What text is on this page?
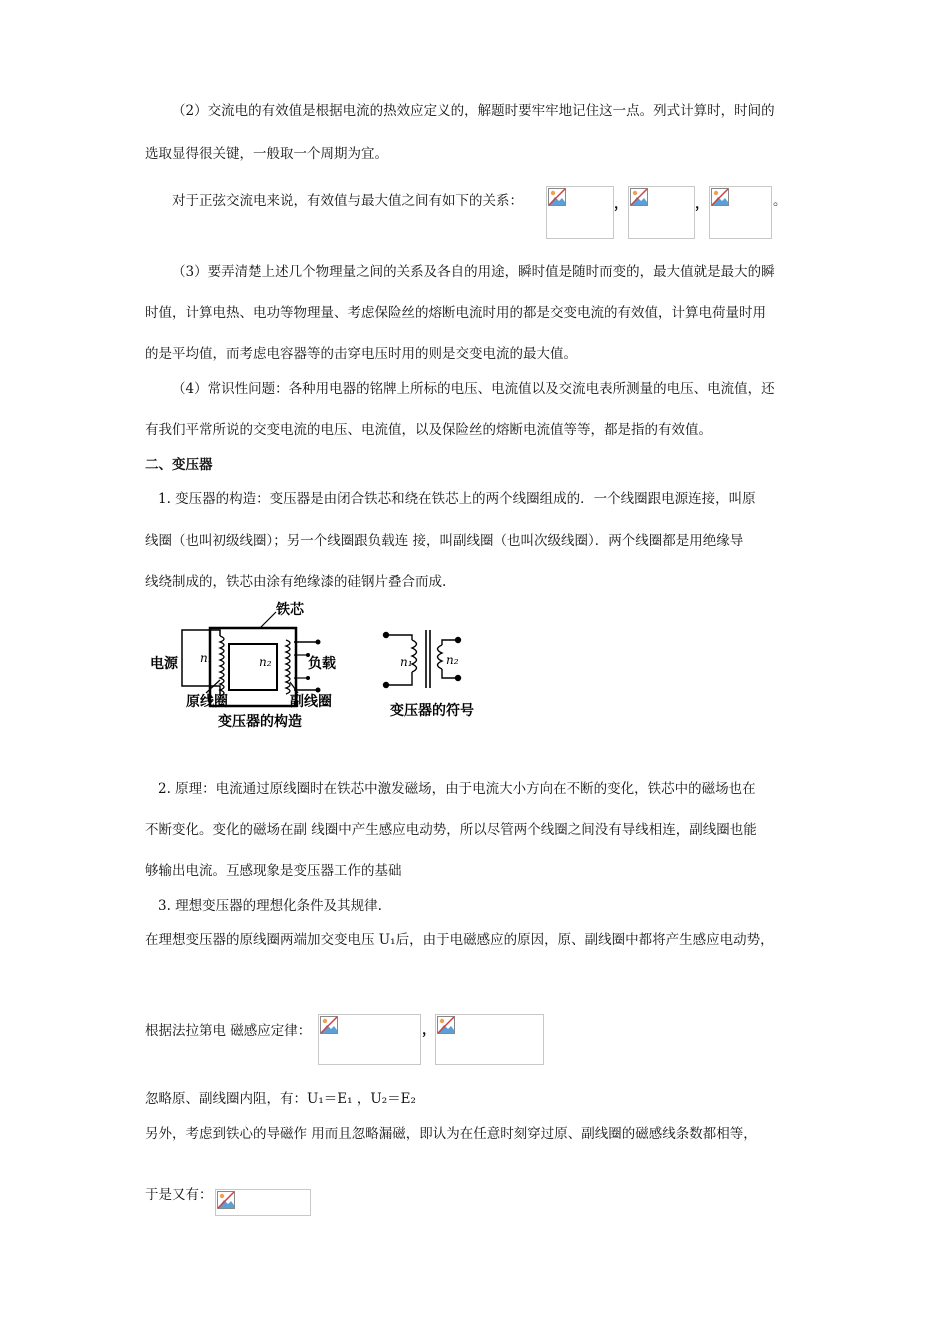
（2）交流电的有效值是根据电流的热效应定义的，解题时要牢牢地记住这一点。列式计算时，时间的
选取显得很关键，一般取一个周期为宜。
对于正弦交流电来说，有效值与最大值之间有如下的关系：	，	，	。
（3）要弄清楚上述几个物理量之间的关系及各自的用途，瞬时值是随时而变的，最大值就是最大的瞬
时值，计算电热、电功等物理量、考虑保险丝的熔断电流时用的都是交变电流的有效值，计算电荷量时用
的是平均值，而考虑电容器等的击穿电压时用的则是交变电流的最大值。
（4）常识性问题：各种用电器的铭牌上所标的电压、电流值以及交流电表所测量的电压、电流值，还
有我们平常所说的交变电流的电压、电流值，以及保险丝的熔断电流值等等，都是指的有效值。
二、变压器
1. 变压器的构造：变压器是由闭合铁芯和绕在铁芯上的两个线圈组成的．一个线圈跟电源连接，叫原
线圈（也叫初级线圈）；另一个线圈跟负载连 接，叫副线圈（也叫次级线圈）．两个线圈都是用绝缘导
线绕制成的，铁芯由涂有绝缘漆的硅钢片叠合而成.
铁芯
电源	负载
n₁	n₂
原线圈	副线圈
变压器的构造
n₁	n₂
变压器的符号
2. 原理：电流通过原线圈时在铁芯中激发磁场，由于电流大小方向在不断的变化，铁芯中的磁场也在
不断变化。变化的磁场在副 线圈中产生感应电动势，所以尽管两个线圈之间没有导线相连，副线圈也能
够输出电流。互感现象是变压器工作的基础
3. 理想变压器的理想化条件及其规律.
在理想变压器的原线圈两端加交变电压 U₁后，由于电磁感应的原因，原、副线圈中都将产生感应电动势，
根据法拉第电 磁感应定律：	，
忽略原、副线圈内阻，有：U₁＝E₁ ，U₂＝E₂
另外，考虑到铁心的导磁作 用而且忽略漏磁，即认为在任意时刻穿过原、副线圈的磁感线条数都相等，
于是又有：
